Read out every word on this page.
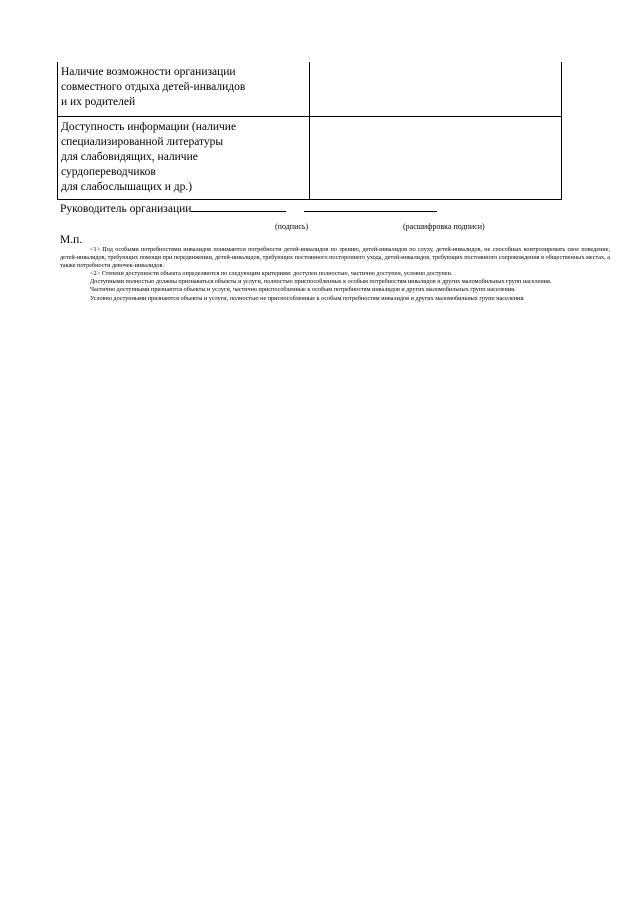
Наличие возможности организации
совместного отдыха детей-инвалидов
и их родителей	
Доступность информации (наличие
специализированной литературы
для слабовидящих, наличие
сурдопереводчиков
для слабослышащих и др.)	
Руководитель организации
(подпись)	(расшифровка подписи)
М.п.

<1> Под особыми потребностями инвалидов понимаются потребности детей-инвалидов по зрению, детей-инвалидов по слуху, детей-инвалидов, не способных контролировать свое поведение, детей-инвалидов, требующих помощи при передвижении, детей-инвалидов, требующих постоянного постороннего ухода, детей-инвалидов, требующих постоянного сопровождения в общественных местах, а также потребности девочек-инвалидов.

<2> Степени доступности объекта определяются по следующим критериям: доступен полностью, частично доступен, условно доступен.

Доступными полностью должны признаваться объекты и услуги, полностью приспособленные к особым потребностям инвалидов и других маломобильных групп населения.

Частично доступными признаются объекты и услуги, частично приспособленные к особым потребностям инвалидов и других маломобильных групп населения.

Условно доступными признаются объекты и услуги, полностью не приспособленные к особым потребностям инвалидов и других маломобильных групп населения.
